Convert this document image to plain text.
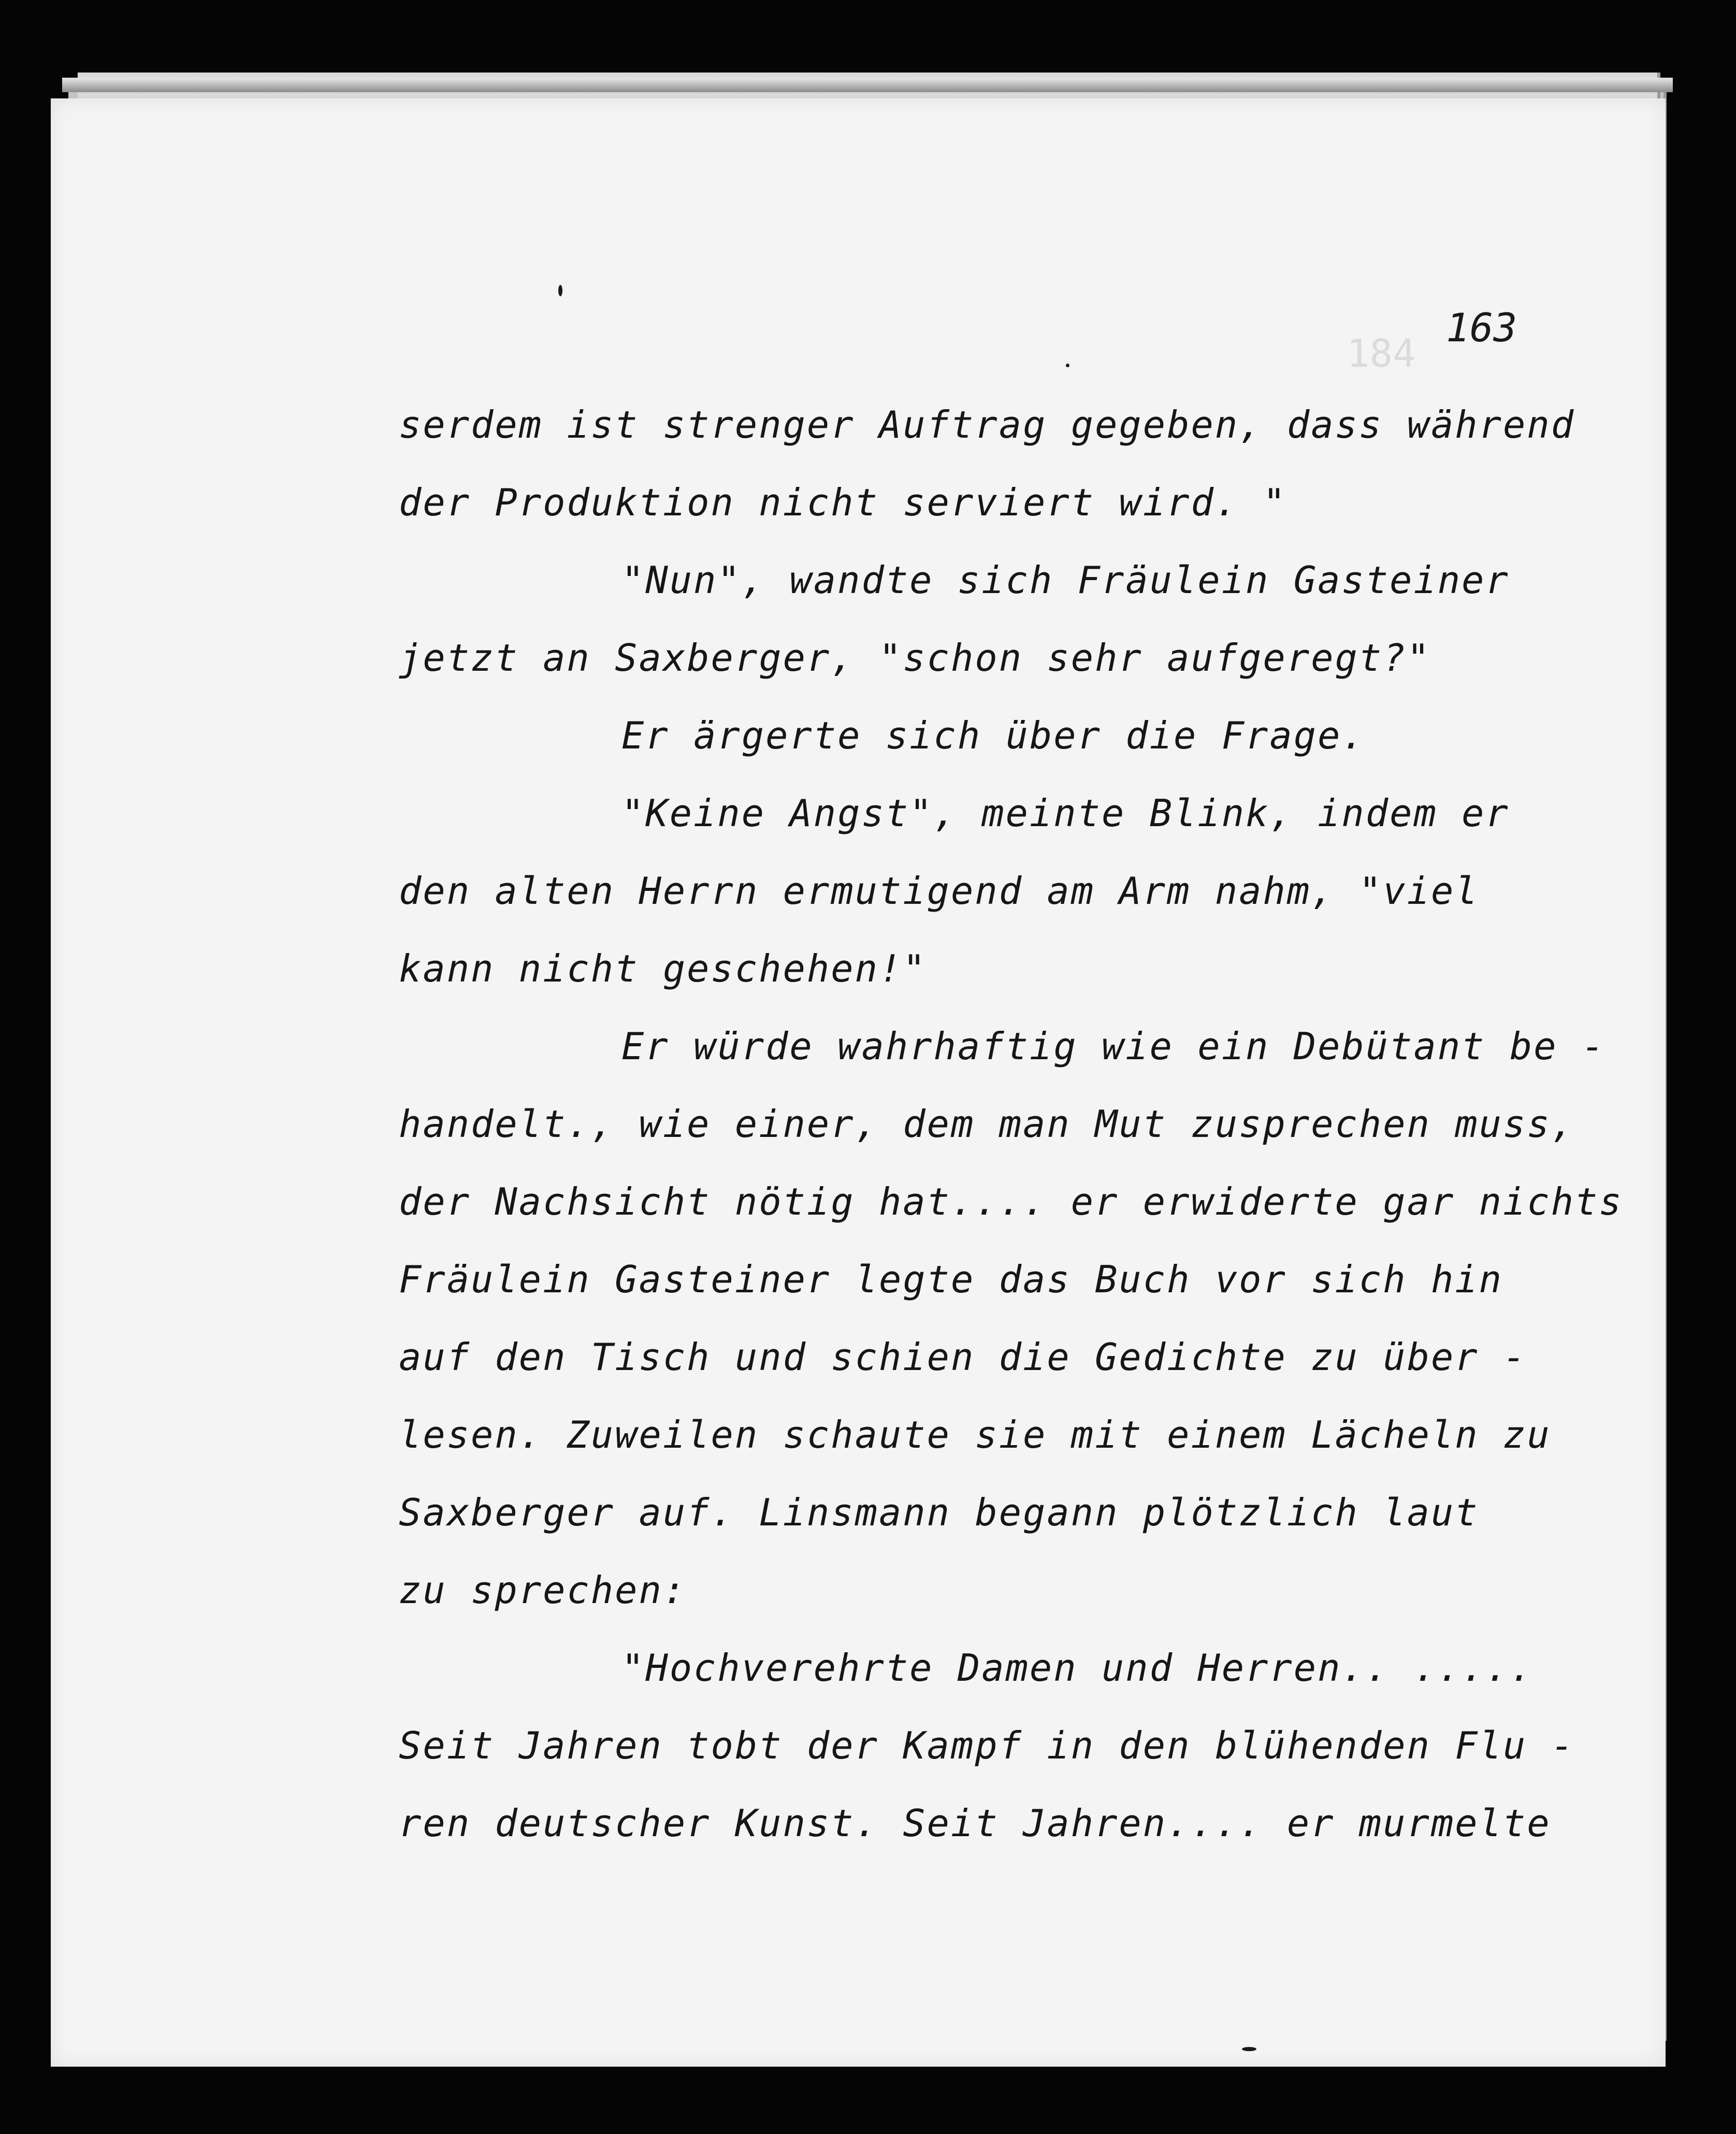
184
163
serdem ist strenger Auftrag gegeben, dass während
der Produktion nicht serviert wird. "
"Nun", wandte sich Fräulein Gasteiner
jetzt an Saxberger, "schon sehr aufgeregt?"
Er ärgerte sich über die Frage.
"Keine Angst", meinte Blink, indem er
den alten Herrn ermutigend am Arm nahm, "viel
kann nicht geschehen!"
Er würde wahrhaftig wie ein Debütant be -
handelt., wie einer, dem man Mut zusprechen muss,
der Nachsicht nötig hat.... er erwiderte gar nichts
Fräulein Gasteiner legte das Buch vor sich hin
auf den Tisch und schien die Gedichte zu über -
lesen. Zuweilen schaute sie mit einem Lächeln zu
Saxberger auf. Linsmann begann plötzlich laut
zu sprechen:
"Hochverehrte Damen und Herren.. .....
Seit Jahren tobt der Kampf in den blühenden Flu -
ren deutscher Kunst. Seit Jahren.... er murmelte
